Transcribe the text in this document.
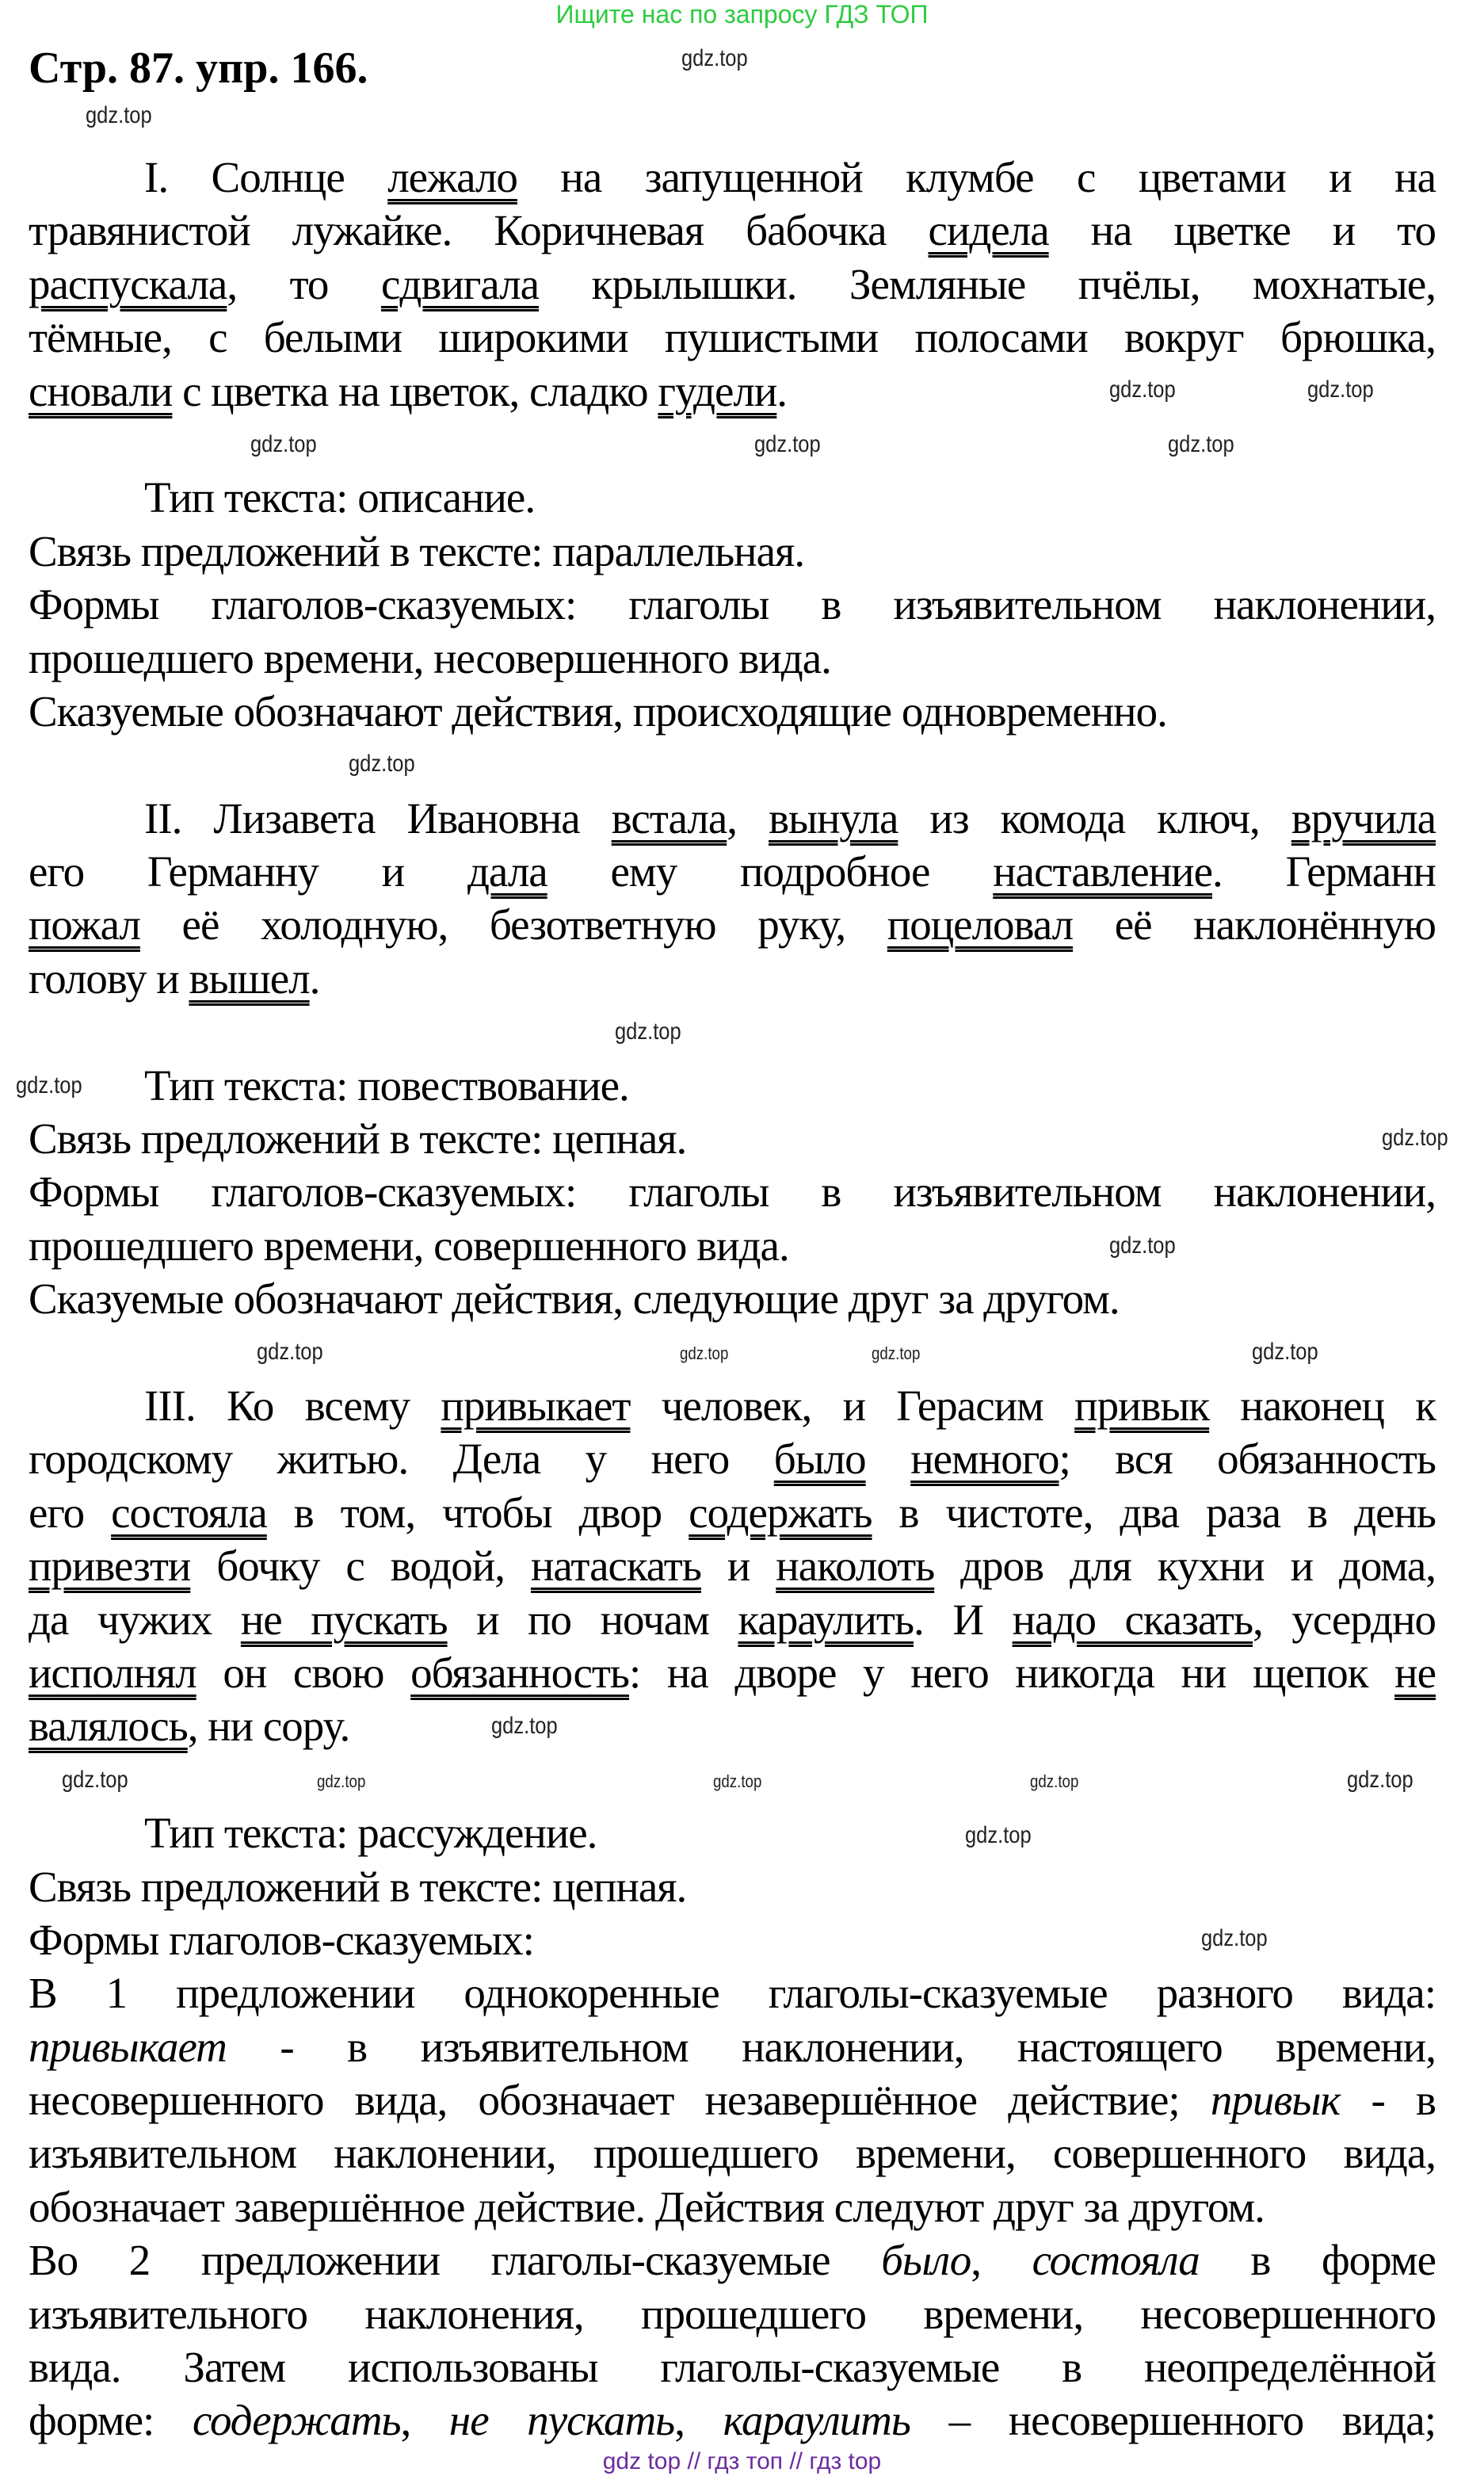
Ищите нас по запросу ГДЗ ТОП
Стр. 87. упр. 166.
I. Солнце лежало на запущенной клумбе с цветами и на
травянистой лужайке. Коричневая бабочка сидела на цветке и то
распускала, то сдвигала крылышки. Земляные пчёлы, мохнатые,
тёмные, с белыми широкими пушистыми полосами вокруг брюшка,
сновали с цветка на цветок, сладко гудели.
Тип текста: описание.
Связь предложений в тексте: параллельная.
Формы глаголов-сказуемых: глаголы в изъявительном наклонении,
прошедшего времени, несовершенного вида.
Сказуемые обозначают действия, происходящие одновременно.
II. Лизавета Ивановна встала, вынула из комода ключ, вручила
его Германну и дала ему подробное наставление. Германн
пожал её холодную, безответную руку, поцеловал её наклонённую
голову и вышел.
Тип текста: повествование.
Связь предложений в тексте: цепная.
Формы глаголов-сказуемых: глаголы в изъявительном наклонении,
прошедшего времени, совершенного вида.
Сказуемые обозначают действия, следующие друг за другом.
III. Ко всему привыкает человек, и Герасим привык наконец к
городскому житью. Дела у него было немного; вся обязанность
его состояла в том, чтобы двор содержать в чистоте, два раза в день
привезти бочку с водой, натаскать и наколоть дров для кухни и дома,
да чужих не пускать и по ночам караулить. И надо сказать, усердно
исполнял он свою обязанность: на дворе у него никогда ни щепок не
валялось, ни сору.
Тип текста: рассуждение.
Связь предложений в тексте: цепная.
Формы глаголов-сказуемых:
В 1 предложении однокоренные глаголы-сказуемые разного вида:
привыкает - в изъявительном наклонении, настоящего времени,
несовершенного вида, обозначает незавершённое действие; привык - в
изъявительном наклонении, прошедшего времени, совершенного вида,
обозначает завершённое действие. Действия следуют друг за другом.
Во 2 предложении глаголы-сказуемые было, состояла в форме
изъявительного наклонения, прошедшего времени, несовершенного
вида. Затем использованы глаголы-сказуемые в неопределённой
форме: содержать, не пускать, караулить – несовершенного вида;
gdz.top
gdz.top
gdz.top	gdz.top
gdz.top	gdz.top	gdz.top
gdz.top
gdz.top
gdz.top
gdz.top
gdz.top
gdz.top
gdz.top	gdz.top	gdz.top
gdz.top
gdz.top
gdz.top
gdz.top
gdz.top	gdz.top
gdz.top	gdz.top
gdz top // гдз топ // гдз top
